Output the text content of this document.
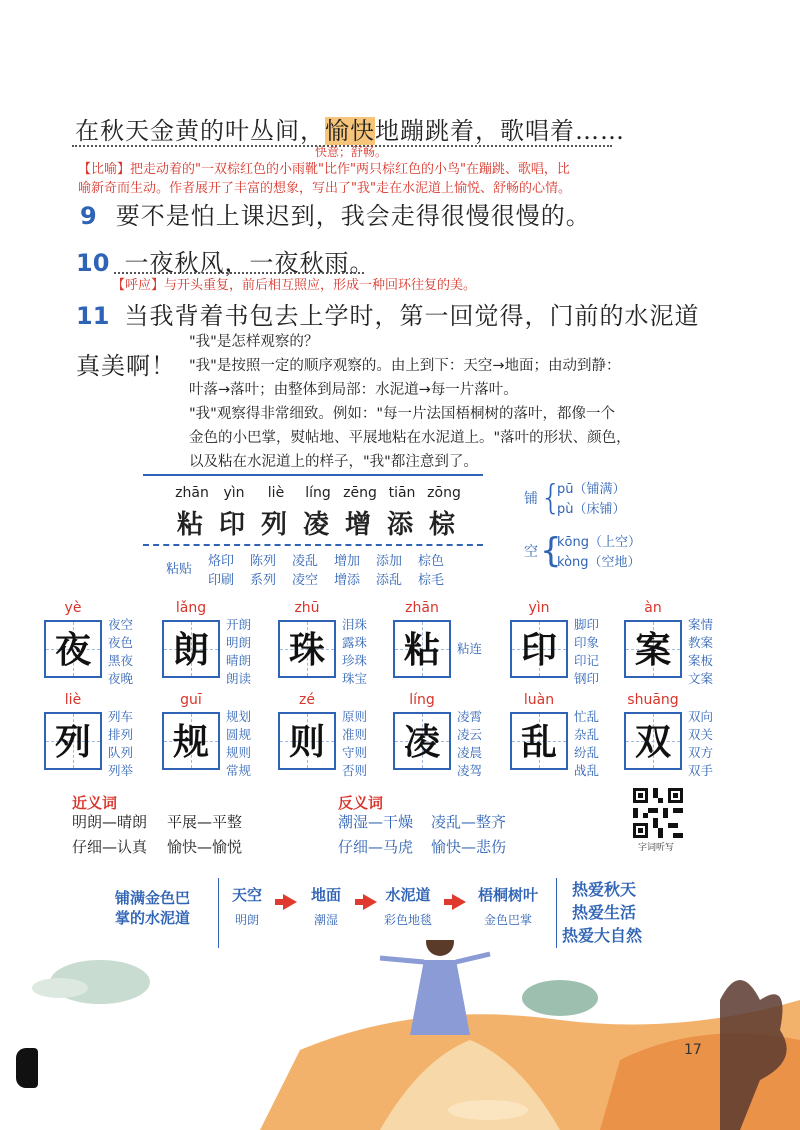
在秋天金黄的叶丛间，愉快地蹦跳着，歌唱着……
快意；舒畅。
【比喻】把走动着的"一双棕红色的小雨靴"比作"两只棕红色的小鸟"在蹦跳、歌唱，比
喻新奇而生动。作者展开了丰富的想象，写出了"我"走在水泥道上愉悦、舒畅的心情。
9 要不是怕上课迟到，我会走得很慢很慢的。
10 一夜秋风，一夜秋雨。
【呼应】与开头重复，前后相互照应，形成一种回环往复的美。
11 当我背着书包去上学时，第一回觉得，门前的水泥道
真美啊！
"我"是怎样观察的？
"我"是按照一定的顺序观察的。由上到下：天空→地面；由动到静：
叶落→落叶；由整体到局部：水泥道→每一片落叶。
"我"观察得非常细致。例如："每一片法国梧桐树的落叶，都像一个
金色的小巴掌，熨帖地、平展地粘在水泥道上。"落叶的形状、颜色，
以及粘在水泥道上的样子，"我"都注意到了。
zhān	yìn	liè	líng zēng tiān zōng
粘 印 列 凌 增 添 棕
粘贴
烙印	陈列	凌乱	增加	添加	棕色
印刷	系列	凌空	增添	添乱	棕毛
铺 {
pū（铺满）
pù（床铺）
空 {
kōng（上空）
kòng（空地）
yè
夜
夜空
夜色
黑夜
夜晚
lǎng
朗
开朗
明朗
晴朗
朗读
zhū
珠
泪珠
露珠
珍珠
珠宝
zhān
粘	粘连
yìn
印
脚印
印象
印记
钢印
àn
案
案情
教案
案板
文案
liè
列
列车
排列
队列
列举
guī
规
规划
圆规
规则
常规
zé
则
原则
准则
守则
否则
líng
凌
凌霄
凌云
凌晨
凌驾
luàn
乱
忙乱
杂乱
纷乱
战乱
shuāng
双
双向
双关
双方
双手
近义词
明朗—晴朗 平展—平整
仔细—认真 愉快—愉悦
反义词
潮湿—干燥 凌乱—整齐
仔细—马虎 愉快—悲伤	字词听写
铺满金色巴
掌的水泥道
天空
明朗
地面
潮湿
水泥道
彩色地毯
梧桐树叶
金色巴掌
热爱秋天
热爱生活
热爱大自然
17
